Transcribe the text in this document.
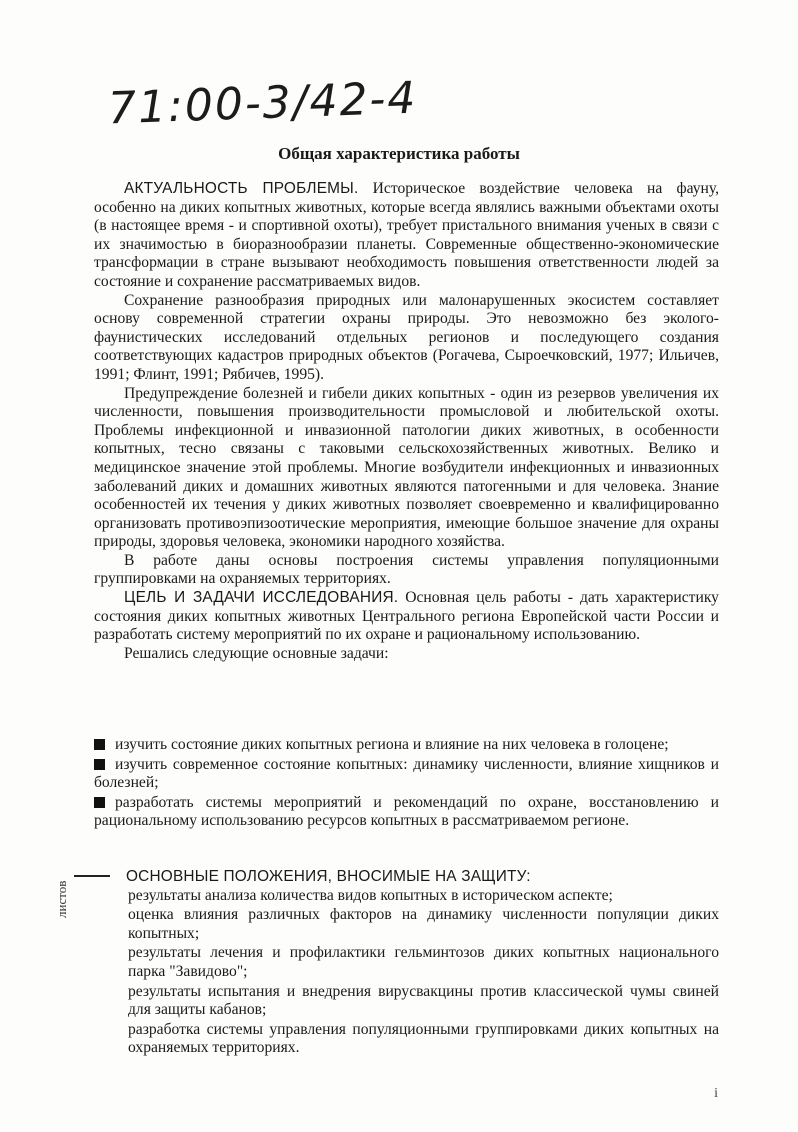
71:00-3/42-4
Общая характеристика работы

АКТУАЛЬНОСТЬ ПРОБЛЕМЫ. Историческое воздействие человека на фауну, особенно на диких копытных животных, которые всегда являлись важными объектами охоты (в настоящее время - и спортивной охоты), требует пристального внимания ученых в связи с их значимостью в биоразнообразии планеты. Современные общественно-экономические трансформации в стране вызывают необходимость повышения ответственности людей за состояние и сохранение рассматриваемых видов.

Сохранение разнообразия природных или малонарушенных экосистем составляет основу современной стратегии охраны природы. Это невозможно без эколого-фаунистических исследований отдельных регионов и последующего создания соответствующих кадастров природных объектов (Рогачева, Сыроечковский, 1977; Ильичев, 1991; Флинт, 1991; Рябичев, 1995).

Предупреждение болезней и гибели диких копытных - один из резервов увеличения их численности, повышения производительности промысловой и любительской охоты. Проблемы инфекционной и инвазионной патологии диких животных, в особенности копытных, тесно связаны с таковыми сельскохозяйственных животных. Велико и медицинское значение этой проблемы. Многие возбудители инфекционных и инвазионных заболеваний диких и домашних животных являются патогенными и для человека. Знание особенностей их течения у диких животных позволяет своевременно и квалифицированно организовать противоэпизоотические мероприятия, имеющие большое значение для охраны природы, здоровья человека, экономики народного хозяйства.

В работе даны основы построения системы управления популяционными группировками на охраняемых территориях.

ЦЕЛЬ И ЗАДАЧИ ИССЛЕДОВАНИЯ. Основная цель работы - дать характеристику состояния диких копытных животных Центрального региона Европейской части России и разработать систему мероприятий по их охране и рациональному использованию.

Решались следующие основные задачи:

изучить состояние диких копытных региона и влияние на них человека в голоцене;
изучить современное состояние копытных: динамику численности, влияние хищников и болезней;
разработать системы мероприятий и рекомендаций по охране, восстановлению и рациональному использованию ресурсов копытных в рассматриваемом регионе.
ОСНОВНЫЕ ПОЛОЖЕНИЯ, ВНОСИМЫЕ НА ЗАЩИТУ:
результаты анализа количества видов копытных в историческом аспекте;
оценка влияния различных факторов на динамику численности популяции диких копытных;
результаты лечения и профилактики гельминтозов диких копытных национального парка "Завидово";
результаты испытания и внедрения вирусвакцины против классической чумы свиней для защиты кабанов;
разработка системы управления популяционными группировками диких копытных на охраняемых территориях.
листов
i
